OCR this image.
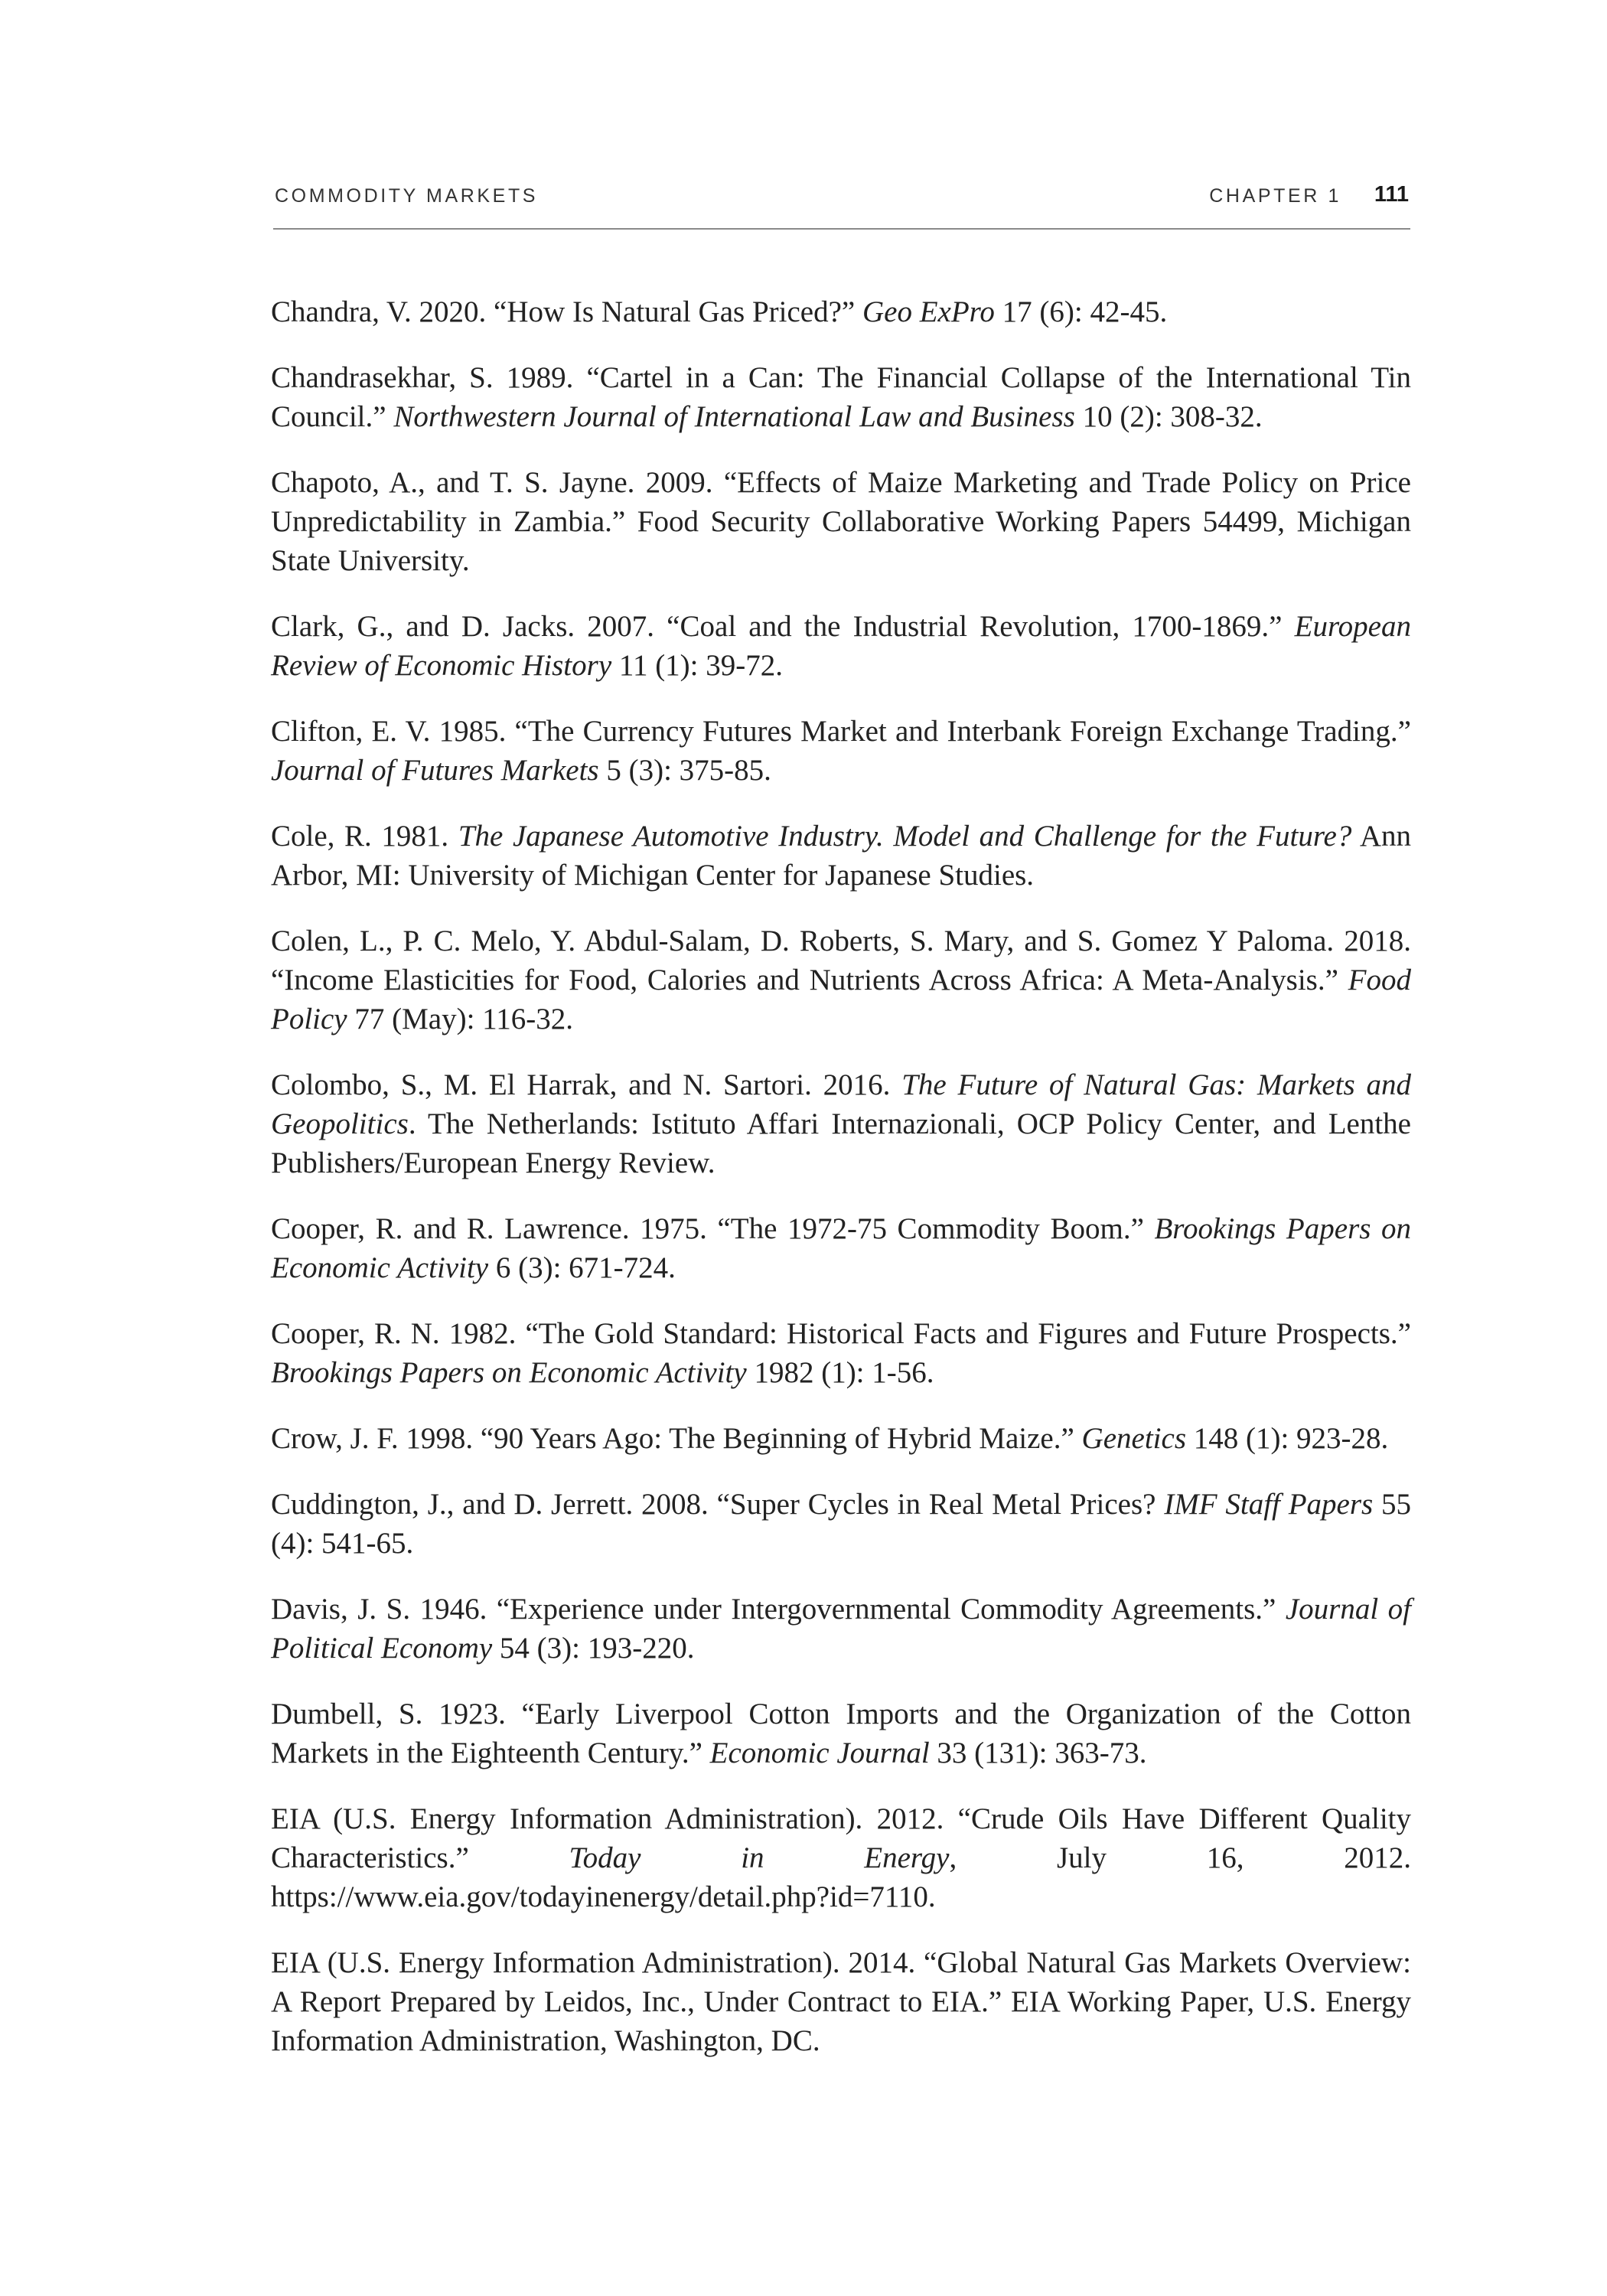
COMMODITY MARKETS	CHAPTER 1 111

Chandra, V. 2020. “How Is Natural Gas Priced?” Geo ExPro 17 (6): 42-45.

Chandrasekhar, S. 1989. “Cartel in a Can: The Financial Collapse of the International Tin Council.” Northwestern Journal of International Law and Business 10 (2): 308-32.

Chapoto, A., and T. S. Jayne. 2009. “Effects of Maize Marketing and Trade Policy on Price Unpredictability in Zambia.” Food Security Collaborative Working Papers 54499, Michigan State University.

Clark, G., and D. Jacks. 2007. “Coal and the Industrial Revolution, 1700-1869.” European Review of Economic History 11 (1): 39-72.

Clifton, E. V. 1985. “The Currency Futures Market and Interbank Foreign Exchange Trading.” Journal of Futures Markets 5 (3): 375-85.

Cole, R. 1981. The Japanese Automotive Industry. Model and Challenge for the Future? Ann Arbor, MI: University of Michigan Center for Japanese Studies.

Colen, L., P. C. Melo, Y. Abdul-Salam, D. Roberts, S. Mary, and S. Gomez Y Paloma. 2018. “Income Elasticities for Food, Calories and Nutrients Across Africa: A Meta-Analysis.” Food Policy 77 (May): 116-32.

Colombo, S., M. El Harrak, and N. Sartori. 2016. The Future of Natural Gas: Markets and Geopolitics. The Netherlands: Istituto Affari Internazionali, OCP Policy Center, and Lenthe Publishers/European Energy Review.

Cooper, R. and R. Lawrence. 1975. “The 1972-75 Commodity Boom.” Brookings Papers on Economic Activity 6 (3): 671-724.

Cooper, R. N. 1982. “The Gold Standard: Historical Facts and Figures and Future Prospects.” Brookings Papers on Economic Activity 1982 (1): 1-56.

Crow, J. F. 1998. “90 Years Ago: The Beginning of Hybrid Maize.” Genetics 148 (1): 923-28.

Cuddington, J., and D. Jerrett. 2008. “Super Cycles in Real Metal Prices? IMF Staff Papers 55 (4): 541-65.

Davis, J. S. 1946. “Experience under Intergovernmental Commodity Agreements.” Journal of Political Economy 54 (3): 193-220.

Dumbell, S. 1923. “Early Liverpool Cotton Imports and the Organization of the Cotton Markets in the Eighteenth Century.” Economic Journal 33 (131): 363-73.

EIA (U.S. Energy Information Administration). 2012. “Crude Oils Have Different Quality Characteristics.” Today in Energy, July 16, 2012. https://www.eia.gov/todayinenergy/detail.php?id=7110.

EIA (U.S. Energy Information Administration). 2014. “Global Natural Gas Markets Overview: A Report Prepared by Leidos, Inc., Under Contract to EIA.” EIA Working Paper, U.S. Energy Information Administration, Washington, DC.
